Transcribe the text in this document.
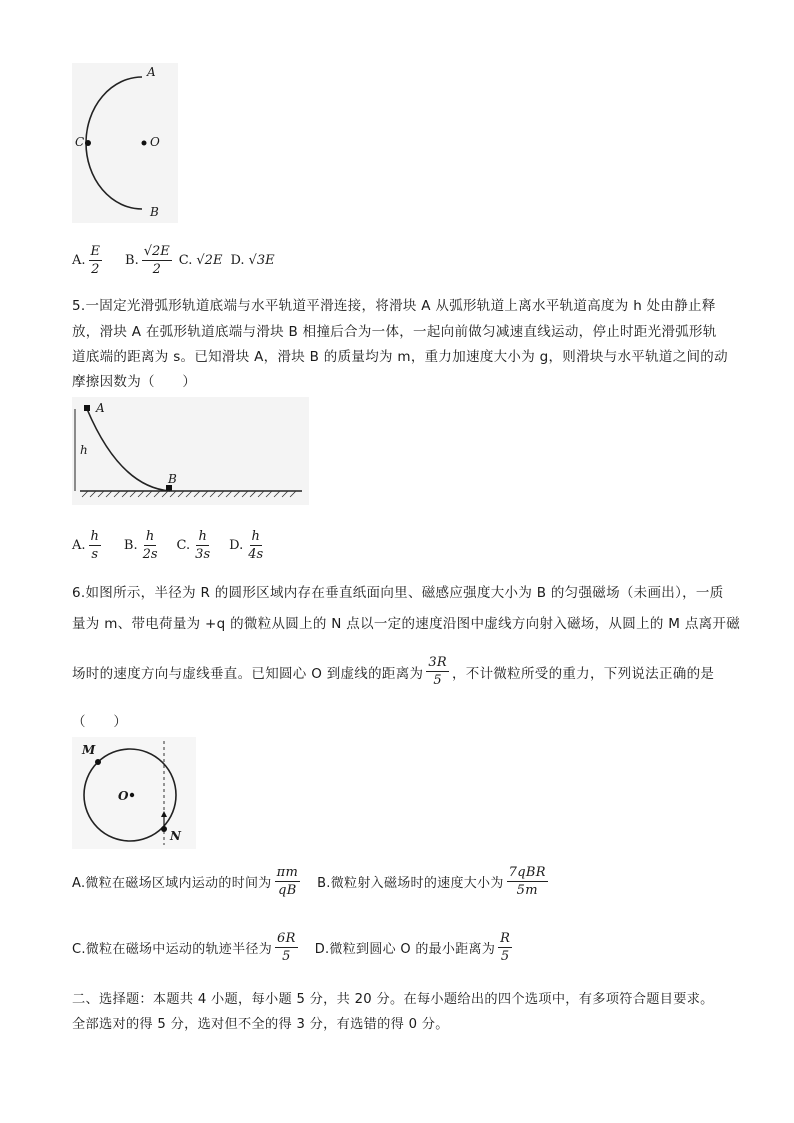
A
C	O
B
A. $\frac{E}{2} B$. $\frac{√2E}{2} C$. √2E D. √3E
5.一固定光滑弧形轨道底端与水平轨道平滑连接，将滑块 A 从弧形轨道上离水平轨道高度为 h 处由静止释
放，滑块 A 在弧形轨道底端与滑块 B 相撞后合为一体，一起向前做匀减速直线运动，停止时距光滑弧形轨
道底端的距离为 s。已知滑块 A，滑块 B 的质量均为 m，重力加速度大小为 g，则滑块与水平轨道之间的动
摩擦因数为（　　）
A
h
B
A. $\frac{h}{s} B$. $\frac{h}{2s} C$. $\frac{h}{3s} D$. $\frac{h}{4s}$
6.如图所示，半径为 R 的圆形区域内存在垂直纸面向里、磁感应强度大小为 B 的匀强磁场（未画出），一质
量为 m、带电荷量为 +q 的微粒从圆上的 N 点以一定的速度沿图中虚线方向射入磁场，从圆上的 M 点离开磁
场时的速度方向与虚线垂直。已知圆心 O 到虚线的距离为 $\frac{3R}{5}$ ，不计微粒所受的重力，下列说法正确的是
（　　）
M
O
N
A.微粒在磁场区域内运动的时间为 $\frac{\pi m}{qB} B$.微粒射入磁场时的速度大小为 $\frac{\text{7qBR}}{5m}$
C.微粒在磁场中运动的轨迹半径为 $\frac{6R}{5} D$.微粒到圆心 O 的最小距离为 $\frac{R}{5}$
二、选择题：本题共 4 小题，每小题 5 分，共 20 分。在每小题给出的四个选项中，有多项符合题目要求。
全部选对的得 5 分，选对但不全的得 3 分，有选错的得 0 分。
